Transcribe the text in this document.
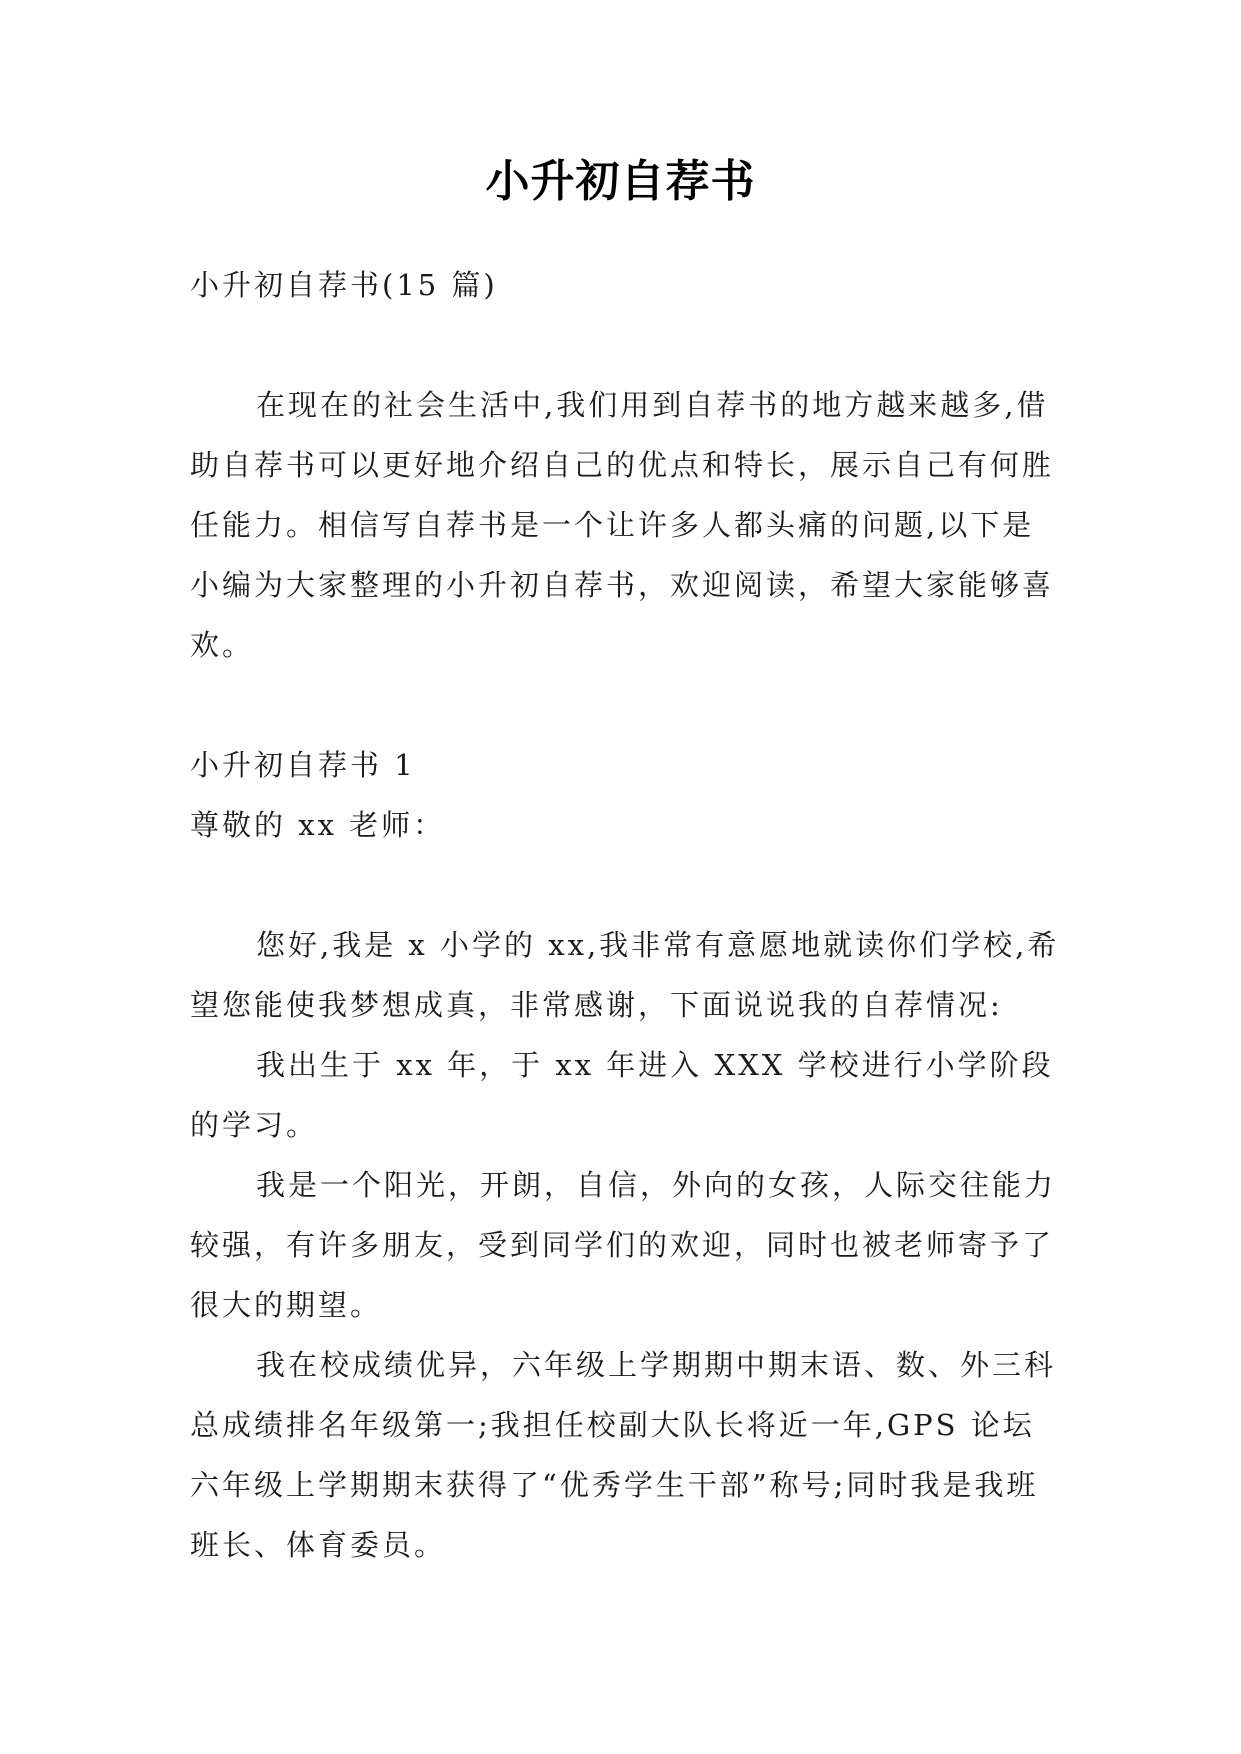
小升初自荐书

小升初自荐书(15 篇)

在现在的社会生活中,我们用到自荐书的地方越来越多,借助自荐书可以更好地介绍自己的优点和特长，展示自己有何胜任能力。相信写自荐书是一个让许多人都头痛的问题,以下是小编为大家整理的小升初自荐书，欢迎阅读，希望大家能够喜欢。

小升初自荐书 1

尊敬的 xx 老师：

您好,我是 x 小学的 xx,我非常有意愿地就读你们学校,希望您能使我梦想成真，非常感谢，下面说说我的自荐情况:

我出生于 xx 年，于 xx 年进入 XXX 学校进行小学阶段的学习。

我是一个阳光，开朗，自信，外向的女孩，人际交往能力较强，有许多朋友，受到同学们的欢迎，同时也被老师寄予了很大的期望。

我在校成绩优异，六年级上学期期中期末语、数、外三科总成绩排名年级第一;我担任校副大队长将近一年,GPS 论坛六年级上学期期末获得了“优秀学生干部”称号;同时我是我班班长、体育委员。
